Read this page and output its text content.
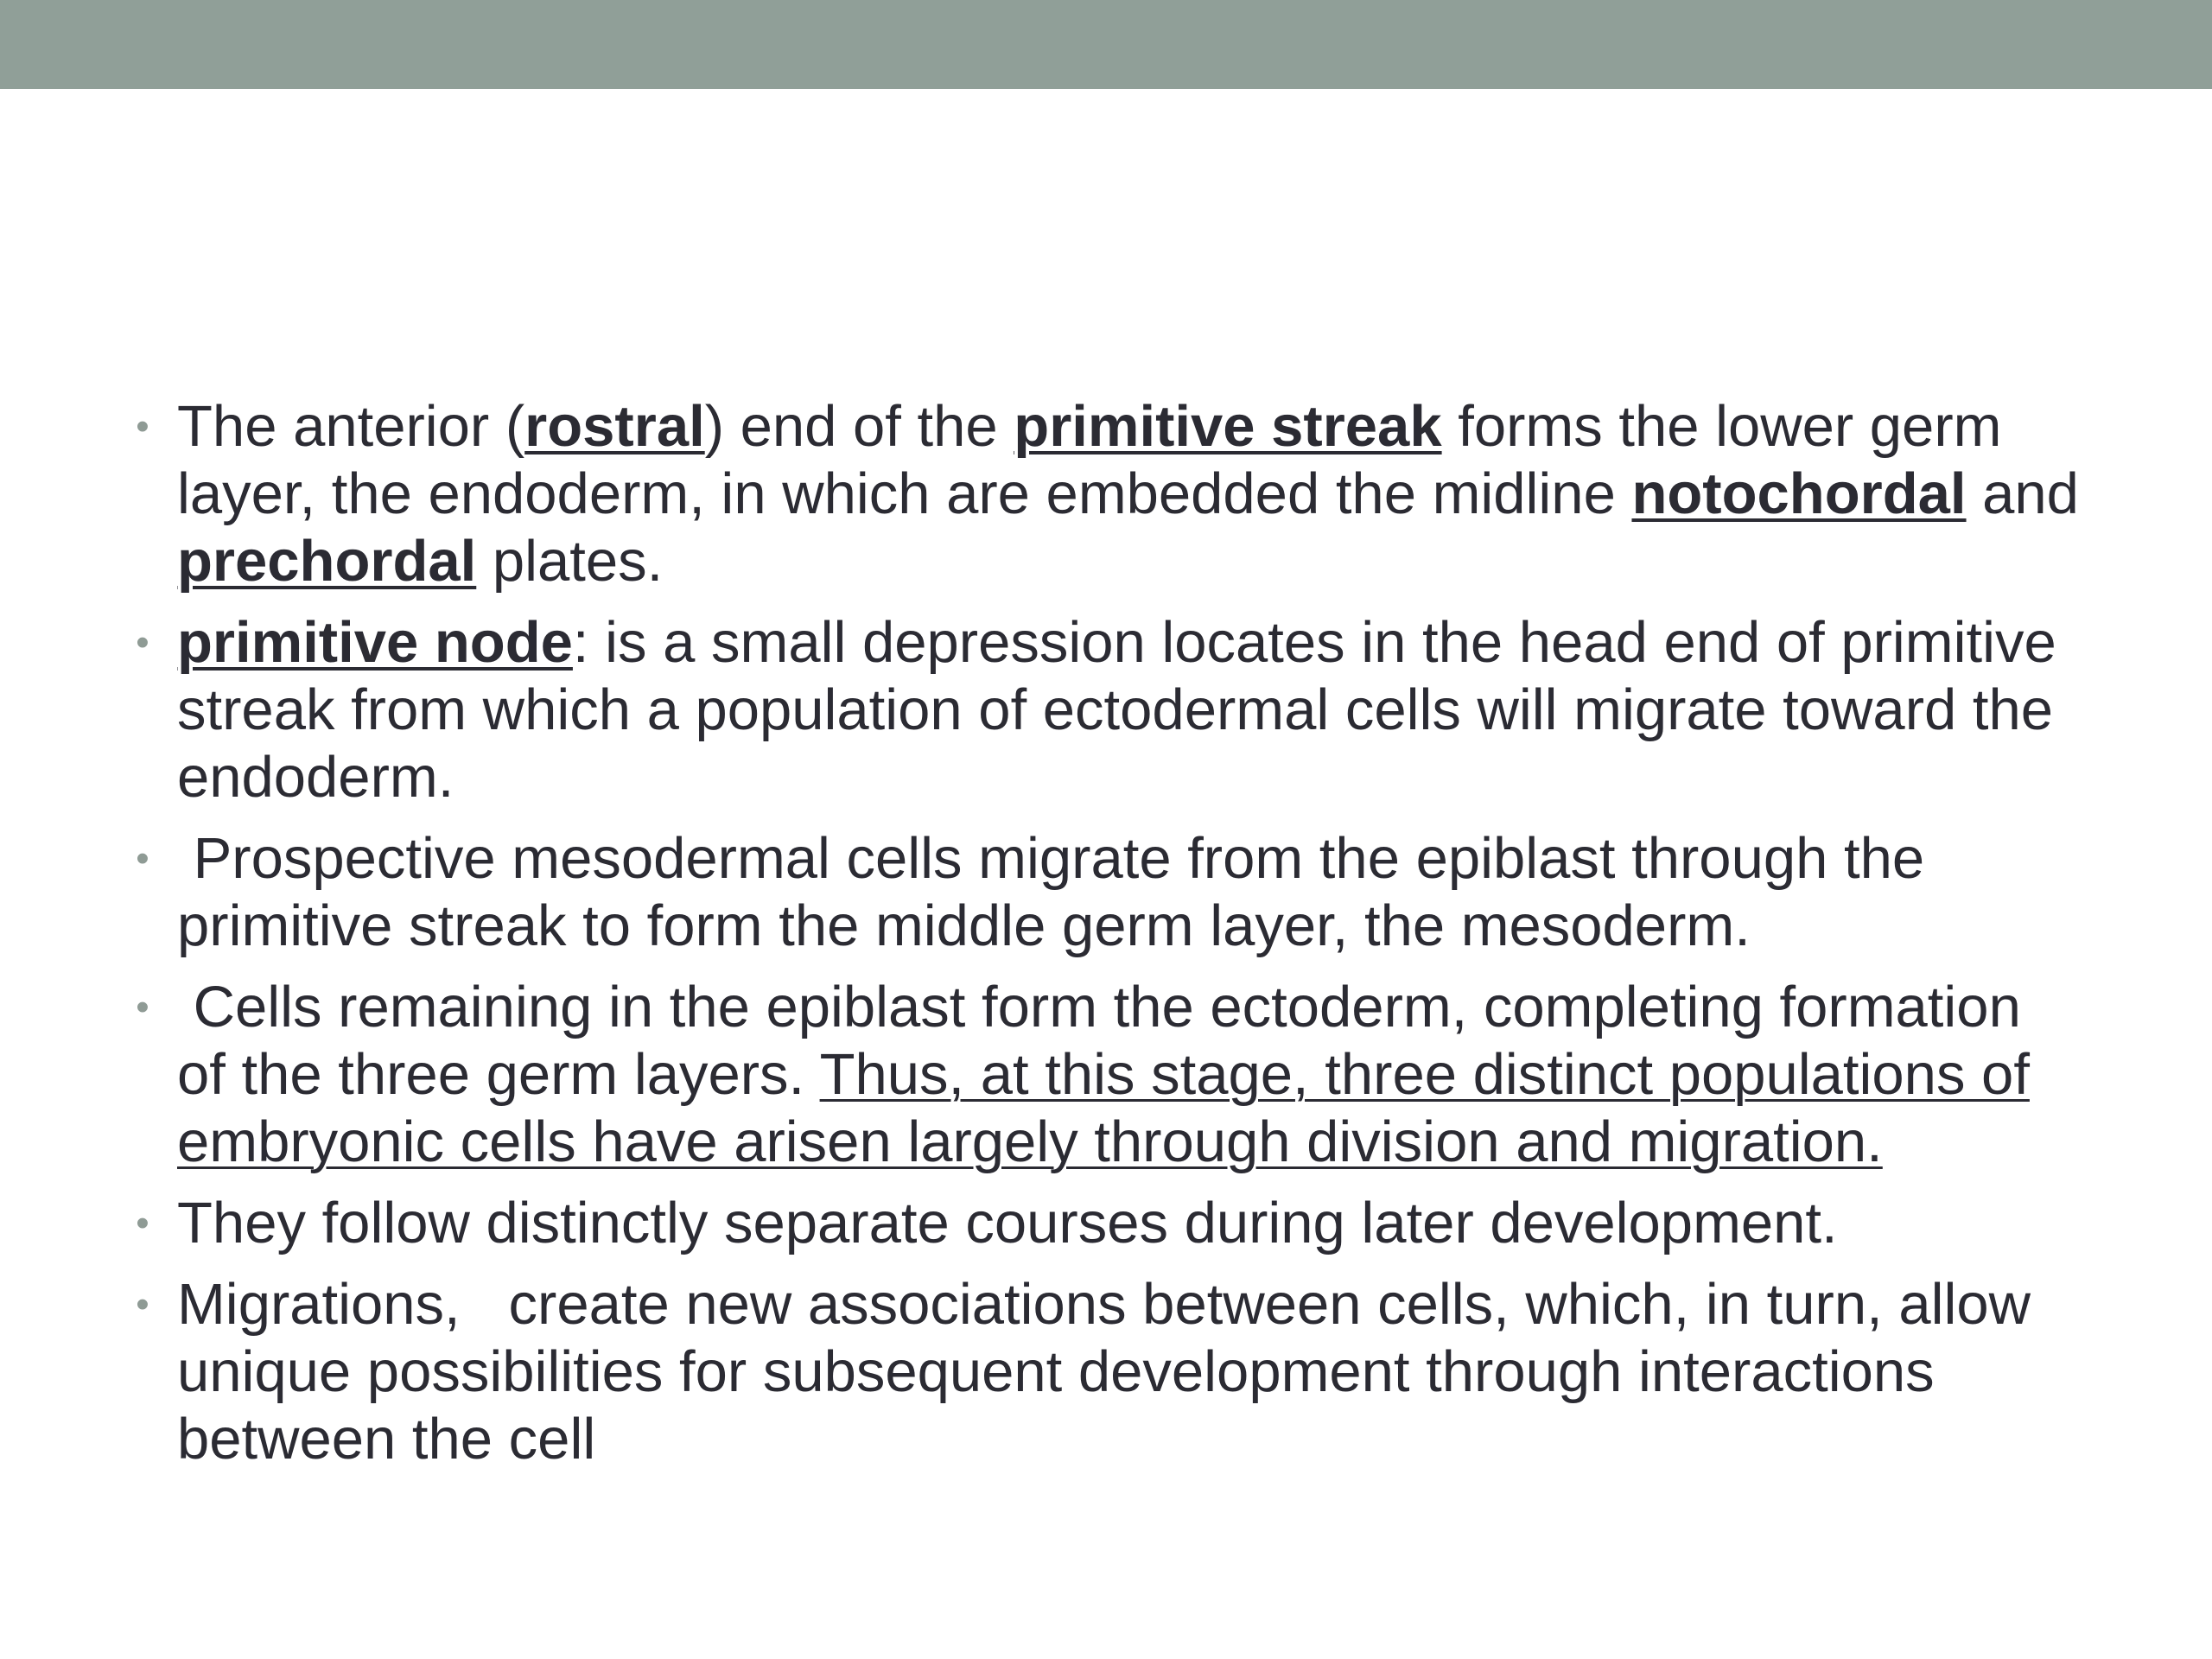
• The anterior (rostral) end of the primitive streak forms the lower germ layer, the endoderm, in which are embedded the midline notochordal and prechordal plates.
• primitive node: is a small depression locates in the head end of primitive streak from which a population of ectodermal cells will migrate toward the endoderm.
• Prospective mesodermal cells migrate from the epiblast through the primitive streak to form the middle germ layer, the mesoderm.
• Cells remaining in the epiblast form the ectoderm, completing formation of the three germ layers. Thus, at this stage, three distinct populations of embryonic cells have arisen largely through division and migration.
• They follow distinctly separate courses during later development.
• Migrations,   create new associations between cells, which, in turn, allow unique possibilities for subsequent development through interactions between the cell
